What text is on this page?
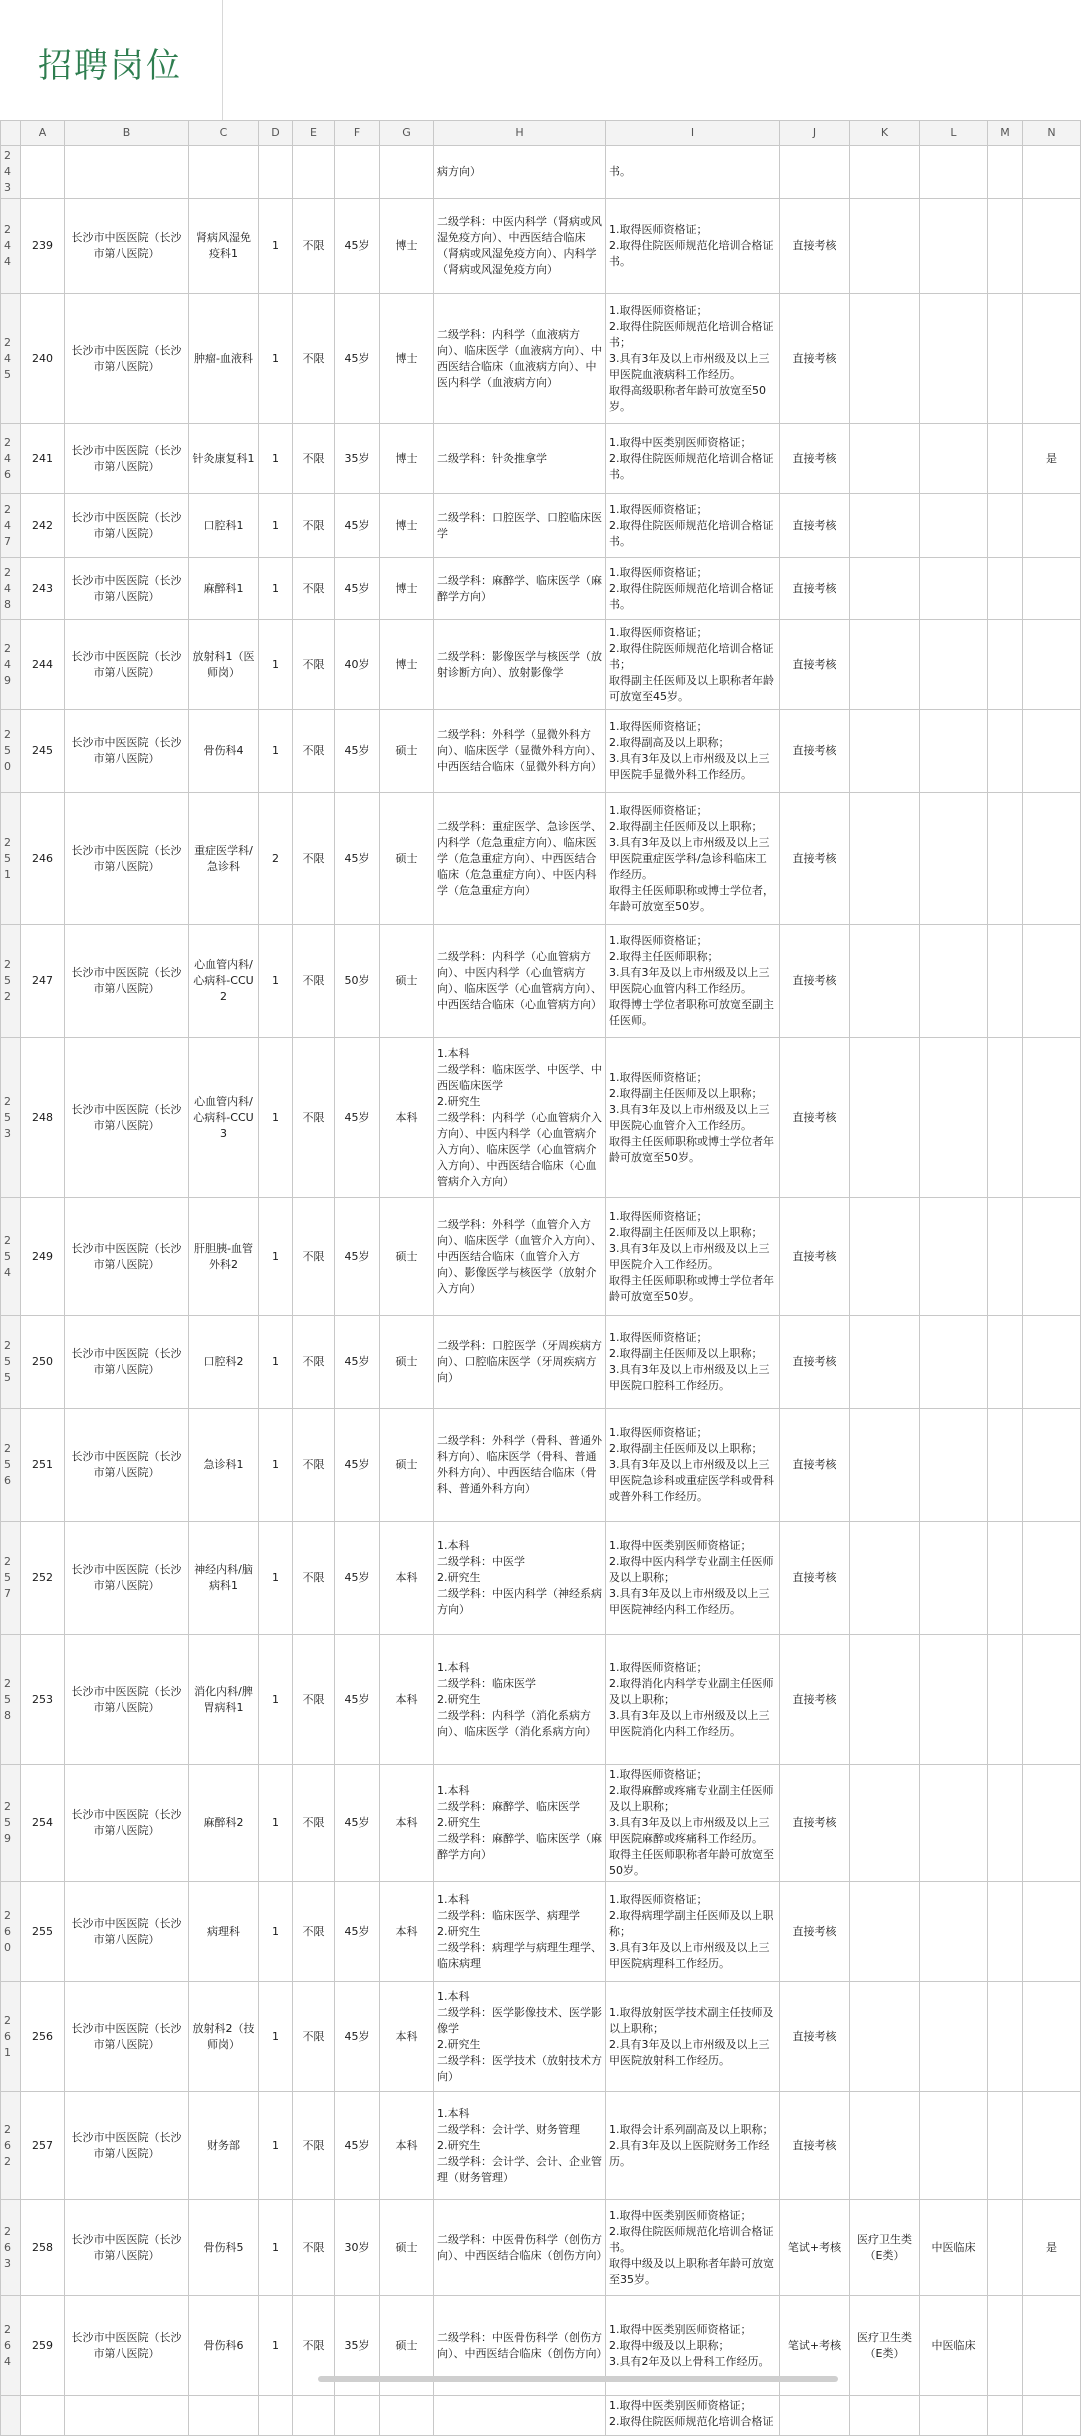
招聘岗位
	A	B	C	D	E	F	G	H	I	J	K	L	M	N
243								病方向）	书。					
244	239	长沙市中医医院（长沙市第八医院）	肾病风湿免疫科1	1	不限	45岁	博士	二级学科：中医内科学（肾病或风湿免疫方向）、中西医结合临床（肾病或风湿免疫方向）、内科学（肾病或风湿免疫方向）	1.取得医师资格证；
2.取得住院医师规范化培训合格证书。	直接考核				
245	240	长沙市中医医院（长沙市第八医院）	肿瘤-血液科	1	不限	45岁	博士	二级学科：内科学（血液病方向）、临床医学（血液病方向）、中西医结合临床（血液病方向）、中医内科学（血液病方向）	1.取得医师资格证；
2.取得住院医师规范化培训合格证书；
3.具有3年及以上市州级及以上三甲医院血液病科工作经历。
取得高级职称者年龄可放宽至50岁。	直接考核				
246	241	长沙市中医医院（长沙市第八医院）	针灸康复科1	1	不限	35岁	博士	二级学科：针灸推拿学	1.取得中医类别医师资格证；
2.取得住院医师规范化培训合格证书。	直接考核				是
247	242	长沙市中医医院（长沙市第八医院）	口腔科1	1	不限	45岁	博士	二级学科：口腔医学、口腔临床医学	1.取得医师资格证；
2.取得住院医师规范化培训合格证书。	直接考核				
248	243	长沙市中医医院（长沙市第八医院）	麻醉科1	1	不限	45岁	博士	二级学科：麻醉学、临床医学（麻醉学方向）	1.取得医师资格证；
2.取得住院医师规范化培训合格证书。	直接考核				
249	244	长沙市中医医院（长沙市第八医院）	放射科1（医师岗）	1	不限	40岁	博士	二级学科：影像医学与核医学（放射诊断方向）、放射影像学	1.取得医师资格证；
2.取得住院医师规范化培训合格证书；
取得副主任医师及以上职称者年龄可放宽至45岁。	直接考核				
250	245	长沙市中医医院（长沙市第八医院）	骨伤科4	1	不限	45岁	硕士	二级学科：外科学（显微外科方向）、临床医学（显微外科方向）、中西医结合临床（显微外科方向）	1.取得医师资格证；
2.取得副高及以上职称；
3.具有3年及以上市州级及以上三甲医院手显微外科工作经历。	直接考核				
251	246	长沙市中医医院（长沙市第八医院）	重症医学科/急诊科	2	不限	45岁	硕士	二级学科：重症医学、急诊医学、内科学（危急重症方向）、临床医学（危急重症方向）、中西医结合临床（危急重症方向）、中医内科学（危急重症方向）	1.取得医师资格证；
2.取得副主任医师及以上职称；
3.具有3年及以上市州级及以上三甲医院重症医学科/急诊科临床工作经历。
取得主任医师职称或博士学位者，年龄可放宽至50岁。	直接考核				
252	247	长沙市中医医院（长沙市第八医院）	心血管内科/心病科-CCU2	1	不限	50岁	硕士	二级学科：内科学（心血管病方向）、中医内科学（心血管病方向）、临床医学（心血管病方向）、中西医结合临床（心血管病方向）	1.取得医师资格证；
2.取得主任医师职称；
3.具有3年及以上市州级及以上三甲医院心血管内科工作经历。
取得博士学位者职称可放宽至副主任医师。	直接考核				
253	248	长沙市中医医院（长沙市第八医院）	心血管内科/心病科-CCU3	1	不限	45岁	本科	1.本科
二级学科：临床医学、中医学、中西医临床医学
2.研究生
二级学科：内科学（心血管病介入方向）、中医内科学（心血管病介入方向）、临床医学（心血管病介入方向）、中西医结合临床（心血管病介入方向）	1.取得医师资格证；
2.取得副主任医师及以上职称；
3.具有3年及以上市州级及以上三甲医院心血管介入工作经历。
取得主任医师职称或博士学位者年龄可放宽至50岁。	直接考核				
254	249	长沙市中医医院（长沙市第八医院）	肝胆胰-血管外科2	1	不限	45岁	硕士	二级学科：外科学（血管介入方向）、临床医学（血管介入方向）、中西医结合临床（血管介入方向）、影像医学与核医学（放射介入方向）	1.取得医师资格证；
2.取得副主任医师及以上职称；
3.具有3年及以上市州级及以上三甲医院介入工作经历。
取得主任医师职称或博士学位者年龄可放宽至50岁。	直接考核				
255	250	长沙市中医医院（长沙市第八医院）	口腔科2	1	不限	45岁	硕士	二级学科：口腔医学（牙周疾病方向）、口腔临床医学（牙周疾病方向）	1.取得医师资格证；
2.取得副主任医师及以上职称；
3.具有3年及以上市州级及以上三甲医院口腔科工作经历。	直接考核				
256	251	长沙市中医医院（长沙市第八医院）	急诊科1	1	不限	45岁	硕士	二级学科：外科学（骨科、普通外科方向）、临床医学（骨科、普通外科方向）、中西医结合临床（骨科、普通外科方向）	1.取得医师资格证；
2.取得副主任医师及以上职称；
3.具有3年及以上市州级及以上三甲医院急诊科或重症医学科或骨科或普外科工作经历。	直接考核				
257	252	长沙市中医医院（长沙市第八医院）	神经内科/脑病科1	1	不限	45岁	本科	1.本科
二级学科：中医学
2.研究生
二级学科：中医内科学（神经系病方向）	1.取得中医类别医师资格证；
2.取得中医内科学专业副主任医师及以上职称；
3.具有3年及以上市州级及以上三甲医院神经内科工作经历。	直接考核				
258	253	长沙市中医医院（长沙市第八医院）	消化内科/脾胃病科1	1	不限	45岁	本科	1.本科
二级学科：临床医学
2.研究生
二级学科：内科学（消化系病方向）、临床医学（消化系病方向）	1.取得医师资格证；
2.取得消化内科学专业副主任医师及以上职称；
3.具有3年及以上市州级及以上三甲医院消化内科工作经历。	直接考核				
259	254	长沙市中医医院（长沙市第八医院）	麻醉科2	1	不限	45岁	本科	1.本科
二级学科：麻醉学、临床医学
2.研究生
二级学科：麻醉学、临床医学（麻醉学方向）	1.取得医师资格证；
2.取得麻醉或疼痛专业副主任医师及以上职称；
3.具有3年及以上市州级及以上三甲医院麻醉或疼痛科工作经历。
取得主任医师职称者年龄可放宽至50岁。	直接考核				
260	255	长沙市中医医院（长沙市第八医院）	病理科	1	不限	45岁	本科	1.本科
二级学科：临床医学、病理学
2.研究生
二级学科：病理学与病理生理学、临床病理	1.取得医师资格证；
2.取得病理学副主任医师及以上职称；
3.具有3年及以上市州级及以上三甲医院病理科工作经历。	直接考核				
261	256	长沙市中医医院（长沙市第八医院）	放射科2（技师岗）	1	不限	45岁	本科	1.本科
二级学科：医学影像技术、医学影像学
2.研究生
二级学科：医学技术（放射技术方向）	1.取得放射医学技术副主任技师及以上职称；
2.具有3年及以上市州级及以上三甲医院放射科工作经历。	直接考核				
262	257	长沙市中医医院（长沙市第八医院）	财务部	1	不限	45岁	本科	1.本科
二级学科：会计学、财务管理
2.研究生
二级学科：会计学、会计、企业管理（财务管理）	1.取得会计系列副高及以上职称；
2.具有3年及以上医院财务工作经历。	直接考核				
263	258	长沙市中医医院（长沙市第八医院）	骨伤科5	1	不限	30岁	硕士	二级学科：中医骨伤科学（创伤方向）、中西医结合临床（创伤方向）	1.取得中医类别医师资格证；
2.取得住院医师规范化培训合格证书。
取得中级及以上职称者年龄可放宽至35岁。	笔试+考核	医疗卫生类（E类）	中医临床		是
264	259	长沙市中医医院（长沙市第八医院）	骨伤科6	1	不限	35岁	硕士	二级学科：中医骨伤科学（创伤方向）、中西医结合临床（创伤方向）	1.取得中医类别医师资格证；
2.取得中级及以上职称；
3.具有2年及以上骨科工作经历。	笔试+考核	医疗卫生类（E类）	中医临床		
									1.取得中医类别医师资格证；
2.取得住院医师规范化培训合格证					
